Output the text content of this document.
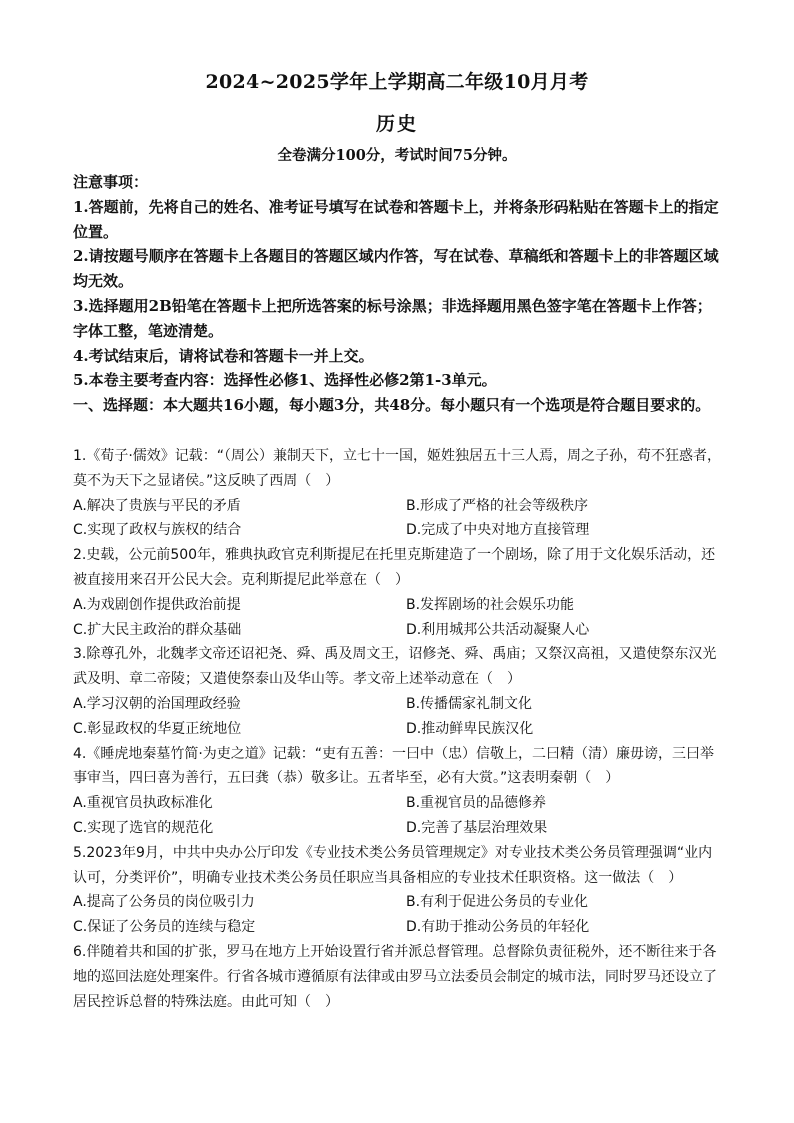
2024~2025学年上学期高二年级10月月考
历史
全卷满分100分，考试时间75分钟。

注意事项：

1.答题前，先将自己的姓名、准考证号填写在试卷和答题卡上，并将条形码粘贴在答题卡上的指定位置。

2.请按题号顺序在答题卡上各题目的答题区域内作答，写在试卷、草稿纸和答题卡上的非答题区域均无效。

3.选择题用2B铅笔在答题卡上把所选答案的标号涂黑；非选择题用黑色签字笔在答题卡上作答；字体工整，笔迹清楚。

4.考试结束后，请将试卷和答题卡一并上交。

5.本卷主要考查内容：选择性必修1、选择性必修2第1-3单元。

一、选择题：本大题共16小题，每小题3分，共48分。每小题只有一个选项是符合题目要求的。

1.《荀子·儒效》记载：“（周公）兼制天下，立七十一国，姬姓独居五十三人焉，周之子孙，苟不狂惑者，莫不为天下之显诸侯。”这反映了西周（　）

A.解决了贵族与平民的矛盾	B.形成了严格的社会等级秩序
C.实现了政权与族权的结合	D.完成了中央对地方直接管理

2.史载，公元前500年，雅典执政官克利斯提尼在托里克斯建造了一个剧场，除了用于文化娱乐活动，还被直接用来召开公民大会。克利斯提尼此举意在（　）

A.为戏剧创作提供政治前提	B.发挥剧场的社会娱乐功能
C.扩大民主政治的群众基础	D.利用城邦公共活动凝聚人心

3.除尊孔外，北魏孝文帝还诏祀尧、舜、禹及周文王，诏修尧、舜、禹庙；又祭汉高祖，又遣使祭东汉光武及明、章二帝陵；又遣使祭泰山及华山等。孝文帝上述举动意在（　）

A.学习汉朝的治国理政经验	B.传播儒家礼制文化
C.彰显政权的华夏正统地位	D.推动鲜卑民族汉化

4.《睡虎地秦墓竹简·为吏之道》记载：“吏有五善：一曰中（忠）信敬上，二曰精（清）廉毋谤，三曰举事审当，四曰喜为善行，五曰龚（恭）敬多让。五者毕至，必有大赏。”这表明秦朝（　）

A.重视官员执政标准化	B.重视官员的品德修养
C.实现了选官的规范化	D.完善了基层治理效果

5.2023年9月，中共中央办公厅印发《专业技术类公务员管理规定》对专业技术类公务员管理强调“业内认可，分类评价”，明确专业技术类公务员任职应当具备相应的专业技术任职资格。这一做法（　）

A.提高了公务员的岗位吸引力	B.有利于促进公务员的专业化
C.保证了公务员的连续与稳定	D.有助于推动公务员的年轻化

6.伴随着共和国的扩张，罗马在地方上开始设置行省并派总督管理。总督除负责征税外，还不断往来于各地的巡回法庭处理案件。行省各城市遵循原有法律或由罗马立法委员会制定的城市法，同时罗马还设立了居民控诉总督的特殊法庭。由此可知（　）
